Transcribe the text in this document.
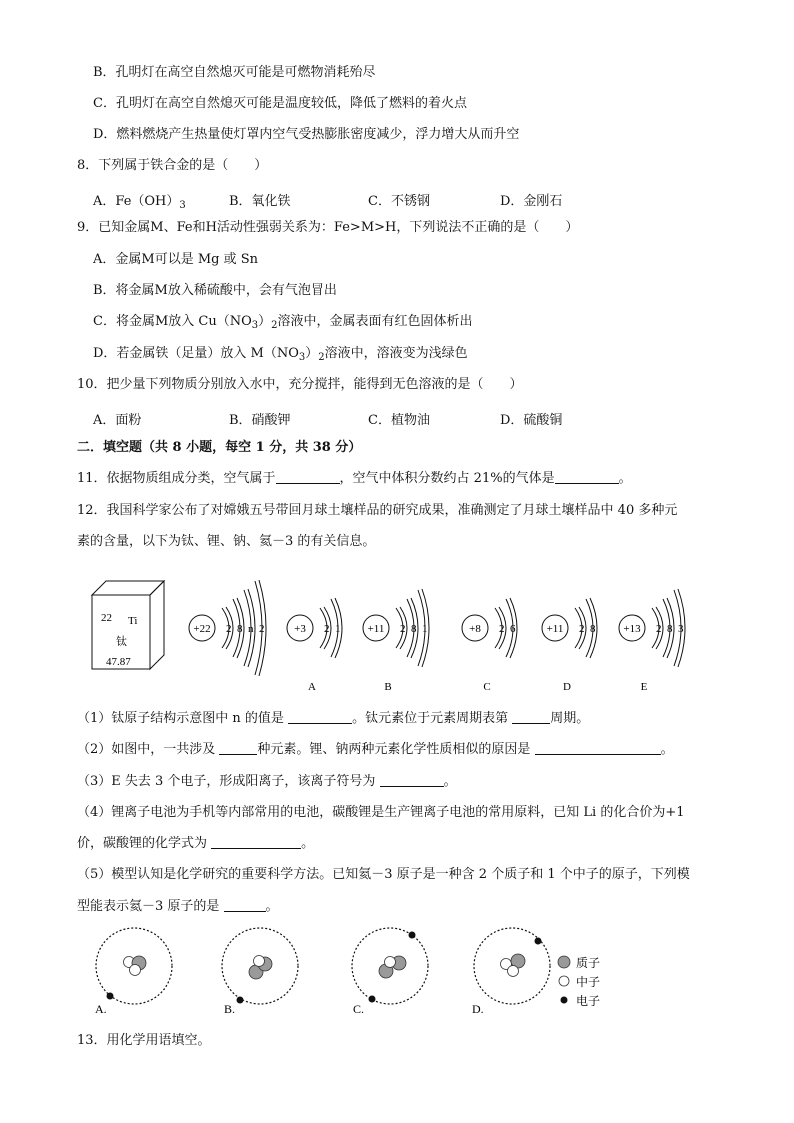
B．孔明灯在高空自然熄灭可能是可燃物消耗殆尽
C．孔明灯在高空自然熄灭可能是温度较低，降低了燃料的着火点
D．燃料燃烧产生热量使灯罩内空气受热膨胀密度减少，浮力增大从而升空
8．下列属于铁合金的是（　　）
A．$Fe(OH)_3$	B．氧化铁	C．不锈钢	D．金刚石
9．已知金属M、Fe和H活动性强弱关系为：Fe>M>H，下列说法不正确的是（　　）
A．金属M可以是 Mg 或 Sn
B．将金属M放入稀硫酸中，会有气泡冒出
C．将金属M放入 $Cu(NO_3)_2$溶液中，金属表面有红色固体析出
D．若金属铁（足量）放入 $M(NO_3)_2$溶液中，溶液变为浅绿色
10．把少量下列物质分别放入水中，充分搅拌，能得到无色溶液的是（　　）
A．面粉	B．硝酸钾	C．植物油	D．硫酸铜
二．填空题（共 8 小题，每空 1 分，共 38 分）
11．依据物质组成分类，空气属于	，空气中体积分数约占 21%的气体是	。
12．我国科学家公布了对嫦娥五号带回月球土壤样品的研究成果，准确测定了月球土壤样品中 40 多种元
素的含量，以下为钛、锂、钠、氦－3 的有关信息。
22 Ti
钛
47.87
+22 2 8 n 2	+3 2 1
A
+11 2 8 1
B
+8 2 6
C
+11 2 8
D
+13 2 8 3
E
（1）钛原子结构示意图中 n 的值是	。钛元素位于元素周期表第	周期。
（2）如图中，一共涉及	种元素。锂、钠两种元素化学性质相似的原因是	。
（3）E 失去 3 个电子，形成阳离子，该离子符号为	。
（4）锂离子电池为手机等内部常用的电池，碳酸锂是生产锂离子电池的常用原料，已知 Li 的化合价为+1
价，碳酸锂的化学式为	。
（5）模型认知是化学研究的重要科学方法。已知氦－3 原子是一种含 2 个质子和 1 个中子的原子，下列模
型能表示氦－3 原子的是	。
A.	B.	C.	D.
质子
中子
电子
13．用化学用语填空。
